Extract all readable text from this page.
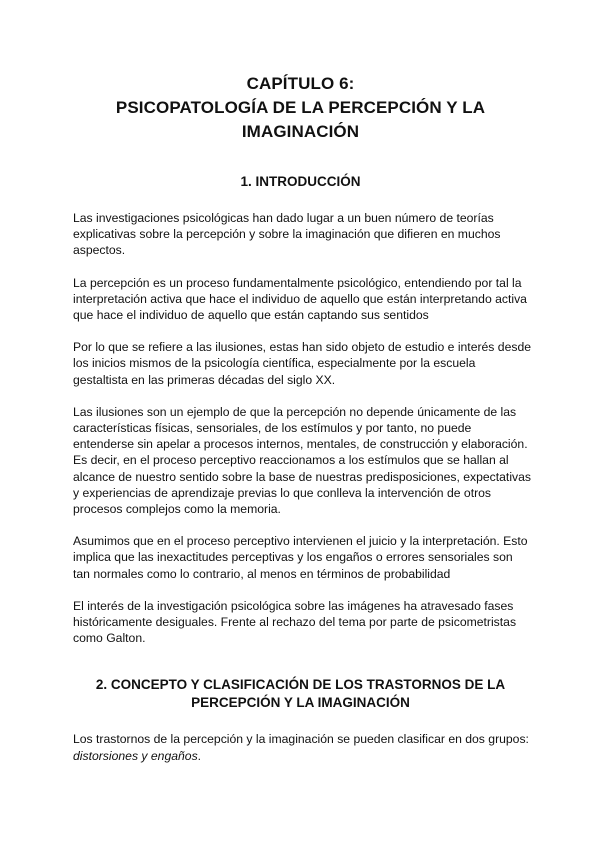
CAPÍTULO 6:
PSICOPATOLOGÍA DE LA PERCEPCIÓN Y LA
IMAGINACIÓN
1. INTRODUCCIÓN

Las investigaciones psicológicas han dado lugar a un buen número de teorías
explicativas sobre la percepción y sobre la imaginación que difieren en muchos
aspectos.

La percepción es un proceso fundamentalmente psicológico, entendiendo por tal la
interpretación activa que hace el individuo de aquello que están interpretando activa
que hace el individuo de aquello que están captando sus sentidos

Por lo que se refiere a las ilusiones, estas han sido objeto de estudio e interés desde
los inicios mismos de la psicología científica, especialmente por la escuela
gestaltista en las primeras décadas del siglo XX.

Las ilusiones son un ejemplo de que la percepción no depende únicamente de las
características físicas, sensoriales, de los estímulos y por tanto, no puede
entenderse sin apelar a procesos internos, mentales, de construcción y elaboración.
Es decir, en el proceso perceptivo reaccionamos a los estímulos que se hallan al
alcance de nuestro sentido sobre la base de nuestras predisposiciones, expectativas
y experiencias de aprendizaje previas lo que conlleva la intervención de otros
procesos complejos como la memoria.

Asumimos que en el proceso perceptivo intervienen el juicio y la interpretación. Esto
implica que las inexactitudes perceptivas y los engaños o errores sensoriales son
tan normales como lo contrario, al menos en términos de probabilidad

El interés de la investigación psicológica sobre las imágenes ha atravesado fases
históricamente desiguales. Frente al rechazo del tema por parte de psicometristas
como Galton.

2. CONCEPTO Y CLASIFICACIÓN DE LOS TRASTORNOS DE LA
PERCEPCIÓN Y LA IMAGINACIÓN

Los trastornos de la percepción y la imaginación se pueden clasificar en dos grupos:
distorsiones y engaños.
